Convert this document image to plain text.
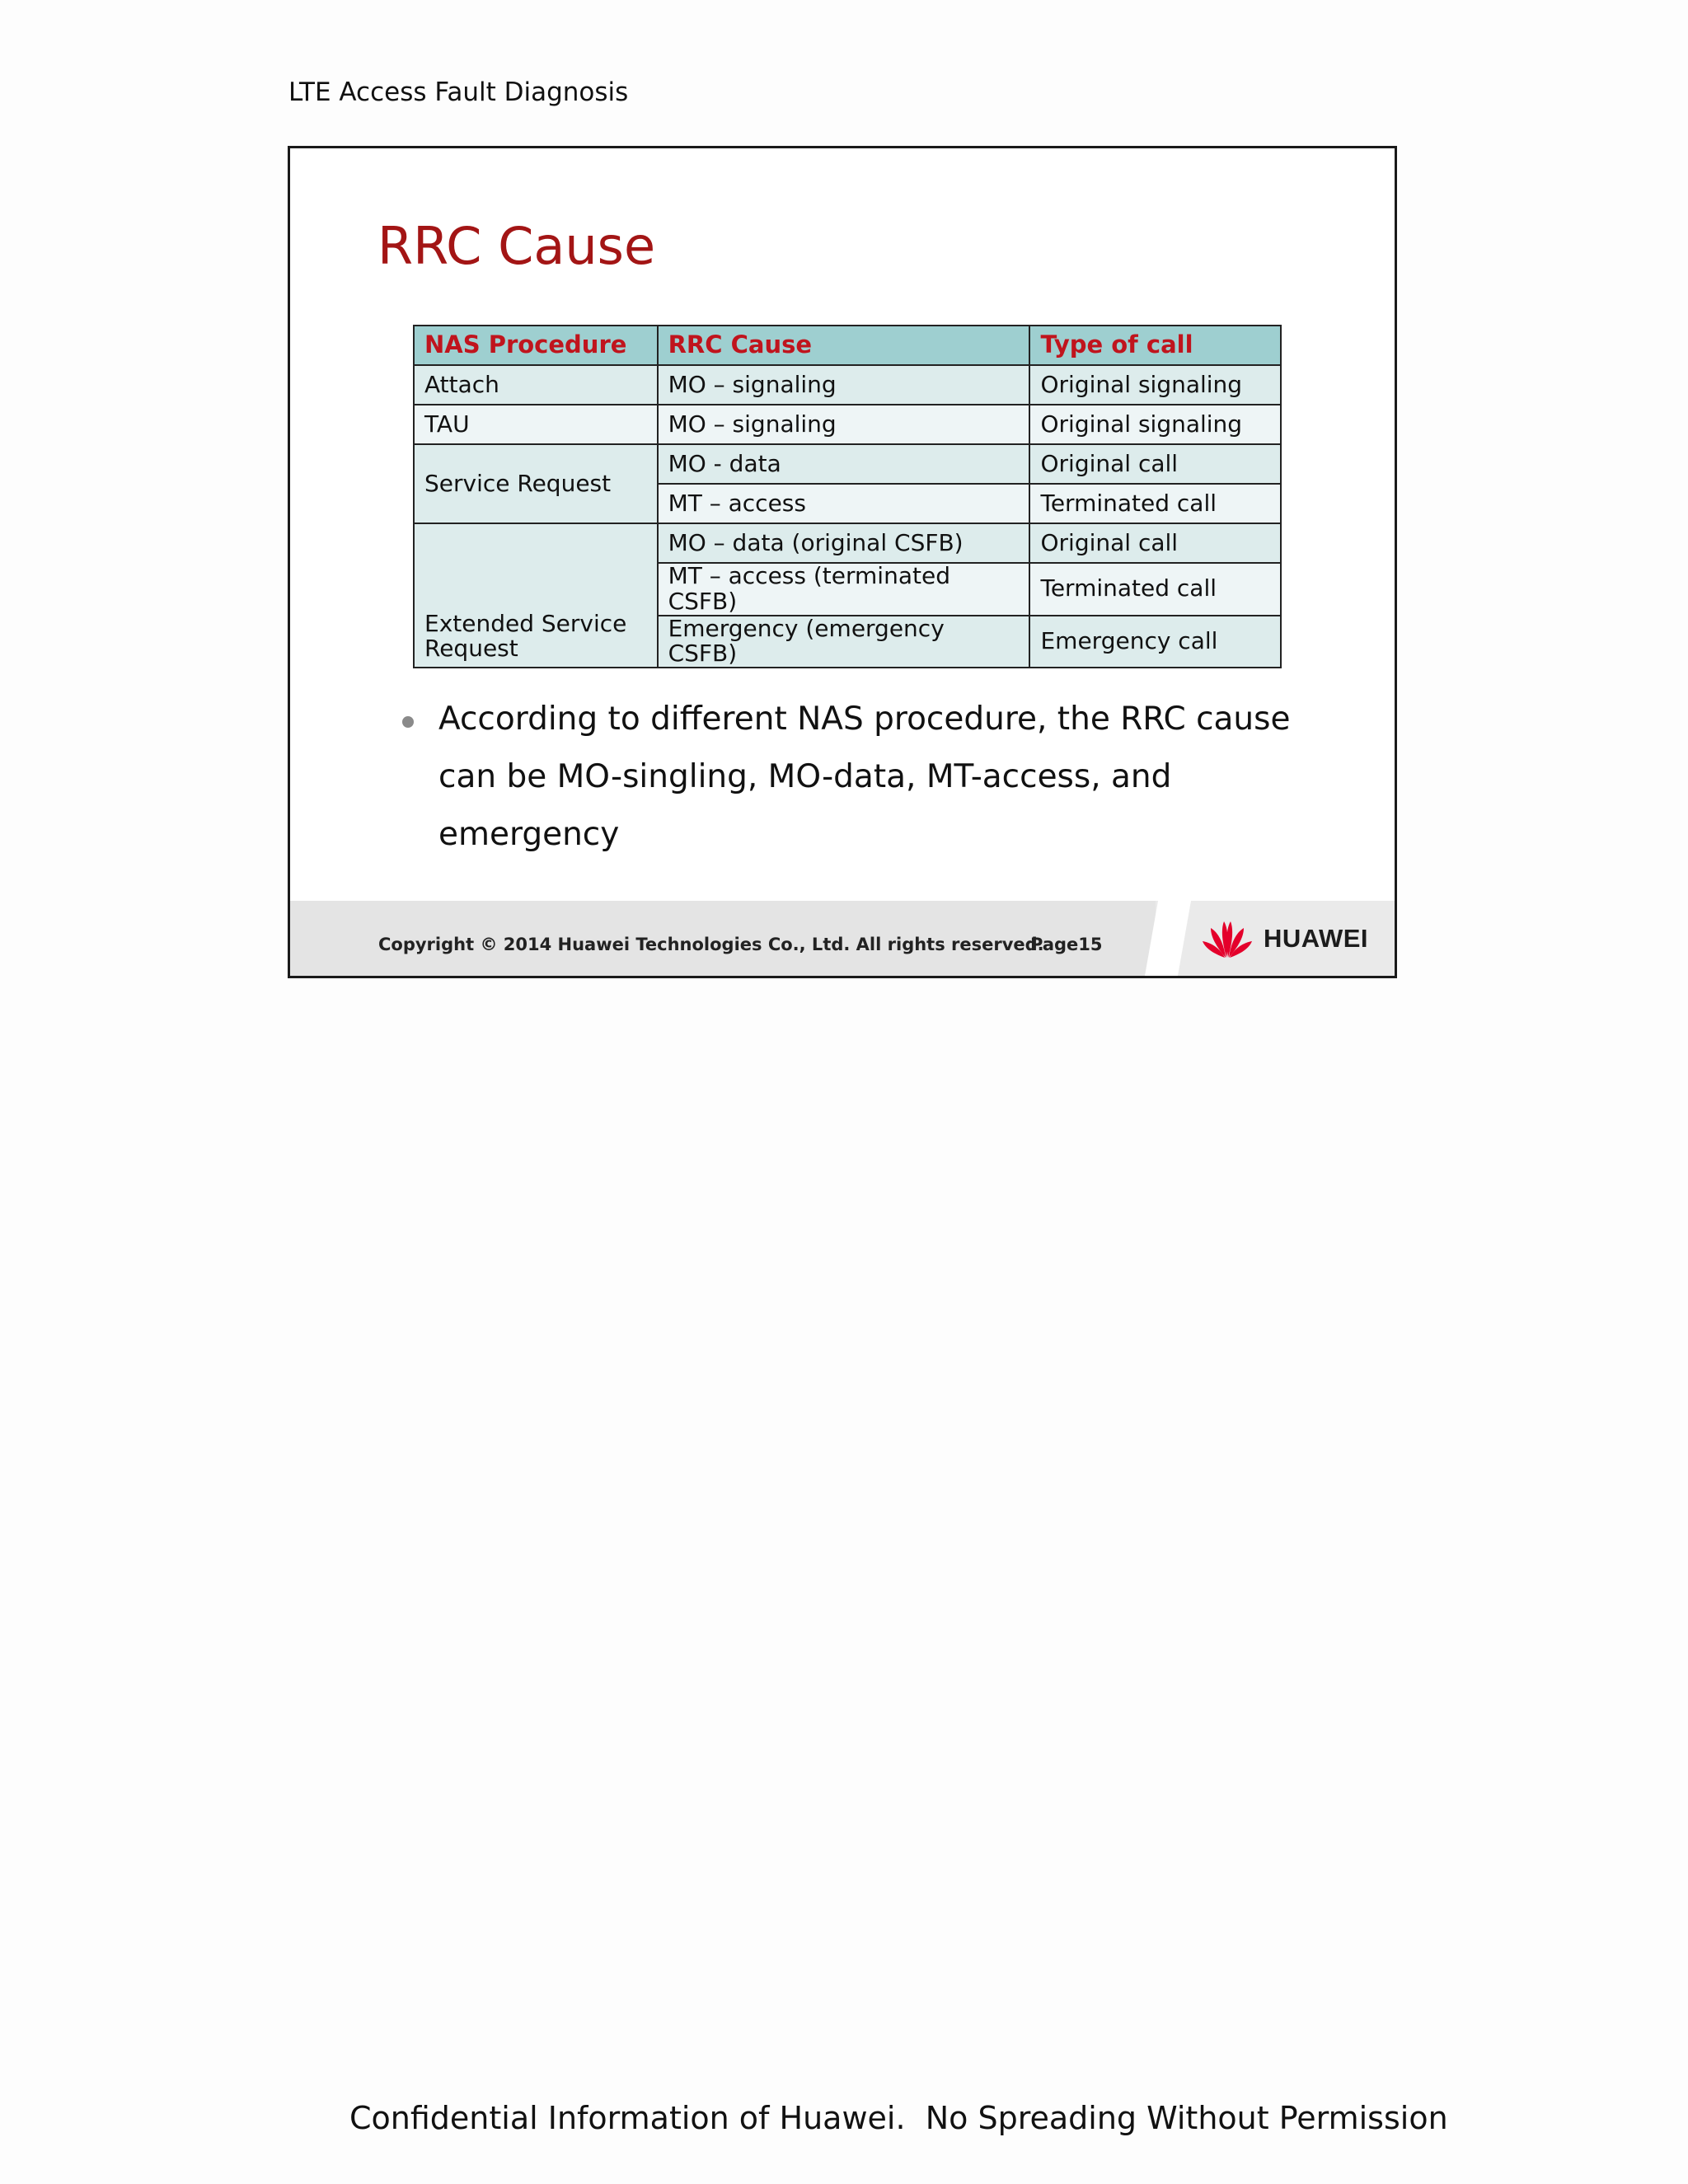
LTE Access Fault Diagnosis
RRC Cause
NAS Procedure	RRC Cause	Type of call
Attach	MO – signaling	Original signaling
TAU	MO – signaling	Original signaling
Service Request	MO - data	Original call
	MT – access	Terminated call
Extended Service Request	MO – data (original CSFB)	Original call
	MT – access (terminated CSFB)	Terminated call
	Emergency (emergency CSFB)	Emergency call
According to different NAS procedure, the RRC cause can be MO-singling, MO-data, MT-access, and emergency
Copyright © 2014 Huawei Technologies Co., Ltd. All rights reserved.
Page15	HUAWEI
Confidential Information of Huawei.  No Spreading Without Permission
